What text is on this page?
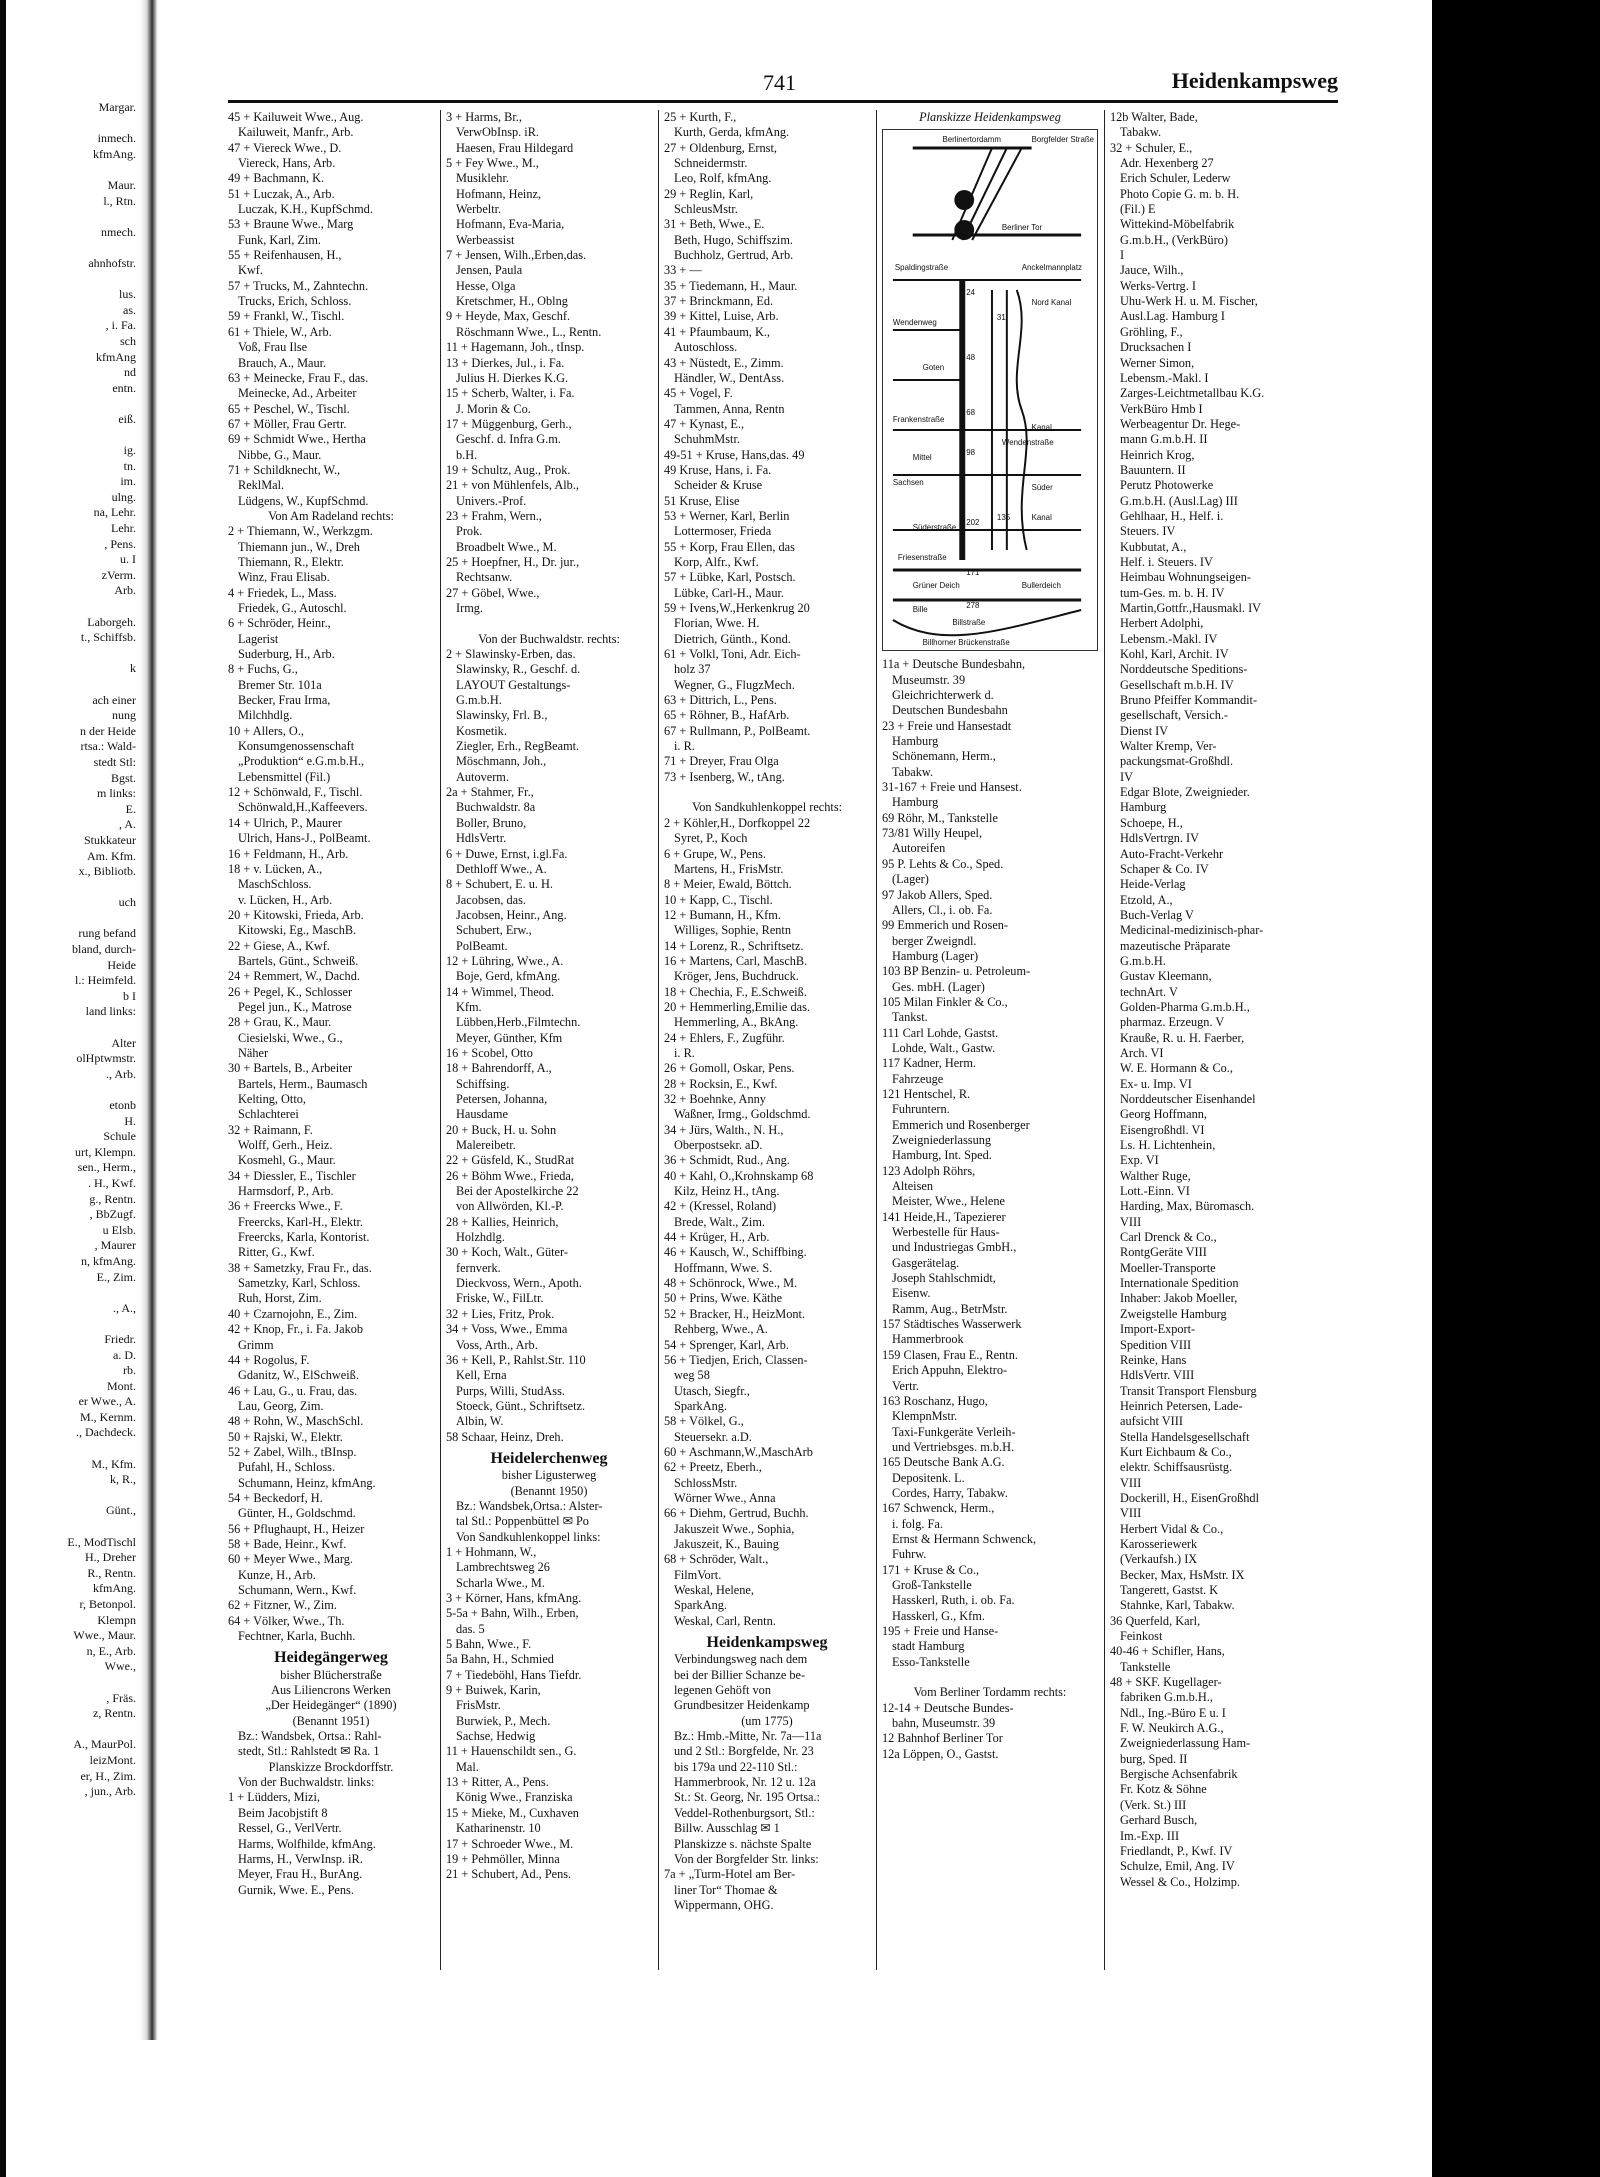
Margar.

inmech.
kfmAng.

Maur.
l., Rtn.

nmech.

ahnhofstr.

lus.
as.
, i. Fa.
sch
kfmAng
nd
entn.

eiß.

ig.
tn.
im.
ulng.
na, Lehr.
Lehr.
, Pens.
u. I
zVerm.
Arb.

Laborgeh.
t., Schiffsb.

k

ach einer
nung
n der Heide
rtsa.: Wald-
stedt Stl:
Bgst.
m links:
E.
, A.
Stukkateur
Am. Kfm.
x., Bibliotb.

uch

rung befand
bland, durch-
Heide
l.: Heimfeld.
b I
land links:

Alter
olHptwmstr.
., Arb.

etonb
H.
Schule
urt, Klempn.
sen., Herm.,
. H., Kwf.
g., Rentn.
, BbZugf.
u Elsb.
, Maurer
n, kfmAng.
E., Zim.

., A.,

Friedr.
a. D.
rb.
Mont.
er Wwe., A.
M., Kernm.
., Dachdeck.

M., Kfm.
k, R.,

Günt.,

E., ModTischl
H., Dreher
R., Rentn.
kfmAng.
r, Betonpol.
Klempn
Wwe., Maur.
n, E., Arb.
Wwe.,

, Fräs.
z, Rentn.

A., MaurPol.
leizMont.
er, H., Zim.
, jun., Arb.
741	Heidenkampsweg
45 + Kailuweit Wwe., Aug.
Kailuweit, Manfr., Arb.
47 + Viereck Wwe., D.
Viereck, Hans, Arb.
49 + Bachmann, K.
51 + Luczak, A., Arb.
Luczak, K.H., KupfSchmd.
53 + Braune Wwe., Marg
Funk, Karl, Zim.
55 + Reifenhausen, H.,
Kwf.
57 + Trucks, M., Zahntechn.
Trucks, Erich, Schloss.
59 + Frankl, W., Tischl.
61 + Thiele, W., Arb.
Voß, Frau Ilse
Brauch, A., Maur.
63 + Meinecke, Frau F., das.
Meinecke, Ad., Arbeiter
65 + Peschel, W., Tischl.
67 + Möller, Frau Gertr.
69 + Schmidt Wwe., Hertha
Nibbe, G., Maur.
71 + Schildknecht, W.,
ReklMal.
Lüdgens, W., KupfSchmd.
Von Am Radeland rechts:
2 + Thiemann, W., Werkzgm.
Thiemann jun., W., Dreh
Thiemann, R., Elektr.
Winz, Frau Elisab.
4 + Friedek, L., Mass.
Friedek, G., Autoschl.
6 + Schröder, Heinr.,
Lagerist
Suderburg, H., Arb.
8 + Fuchs, G.,
Bremer Str. 101a
Becker, Frau Irma,
Milchhdlg.
10 + Allers, O.,
Konsumgenossenschaft
„Produktion“ e.G.m.b.H.,
Lebensmittel (Fil.)
12 + Schönwald, F., Tischl.
Schönwald,H.,Kaffeevers.
14 + Ulrich, P., Maurer
Ulrich, Hans-J., PolBeamt.
16 + Feldmann, H., Arb.
18 + v. Lücken, A.,
MaschSchloss.
v. Lücken, H., Arb.
20 + Kitowski, Frieda, Arb.
Kitowski, Eg., MaschB.
22 + Giese, A., Kwf.
Bartels, Günt., Schweiß.
24 + Remmert, W., Dachd.
26 + Pegel, K., Schlosser
Pegel jun., K., Matrose
28 + Grau, K., Maur.
Ciesielski, Wwe., G.,
Näher
30 + Bartels, B., Arbeiter
Bartels, Herm., Baumasch
Kelting, Otto,
Schlachterei
32 + Raimann, F.
Wolff, Gerh., Heiz.
Kosmehl, G., Maur.
34 + Diessler, E., Tischler
Harmsdorf, P., Arb.
36 + Freercks Wwe., F.
Freercks, Karl-H., Elektr.
Freercks, Karla, Kontorist.
Ritter, G., Kwf.
38 + Sametzky, Frau Fr., das.
Sametzky, Karl, Schloss.
Ruh, Horst, Zim.
40 + Czarnojohn, E., Zim.
42 + Knop, Fr., i. Fa. Jakob
Grimm
44 + Rogolus, F.
Gdanitz, W., ElSchweiß.
46 + Lau, G., u. Frau, das.
Lau, Georg, Zim.
48 + Rohn, W., MaschSchl.
50 + Rajski, W., Elektr.
52 + Zabel, Wilh., tBInsp.
Pufahl, H., Schloss.
Schumann, Heinz, kfmAng.
54 + Beckedorf, H.
Günter, H., Goldschmd.
56 + Pflughaupt, H., Heizer
58 + Bade, Heinr., Kwf.
60 + Meyer Wwe., Marg.
Kunze, H., Arb.
Schumann, Wern., Kwf.
62 + Fitzner, W., Zim.
64 + Völker, Wwe., Th.
Fechtner, Karla, Buchh.
Heidegängerweg
bisher Blücherstraße
Aus Liliencrons Werken
„Der Heidegänger“ (1890)
(Benannt 1951)
Bz.: Wandsbek, Ortsa.: Rahl-
stedt, Stl.: Rahlstedt ✉ Ra. 1
Planskizze Brockdorffstr.
Von der Buchwaldstr. links:
1 + Lüdders, Mizi,
Beim Jacobjstift 8
Ressel, G., VerlVertr.
Harms, Wolfhilde, kfmAng.
Harms, H., VerwInsp. iR.
Meyer, Frau H., BurAng.
Gurnik, Wwe. E., Pens.
3 + Harms, Br.,
VerwObInsp. iR.
Haesen, Frau Hildegard
5 + Fey Wwe., M.,
Musiklehr.
Hofmann, Heinz,
Werbeltr.
Hofmann, Eva-Maria,
Werbeassist
7 + Jensen, Wilh.,Erben,das.
Jensen, Paula
Hesse, Olga
Kretschmer, H., Oblng
9 + Heyde, Max, Geschf.
Röschmann Wwe., L., Rentn.
11 + Hagemann, Joh., tInsp.
13 + Dierkes, Jul., i. Fa.
Julius H. Dierkes K.G.
15 + Scherb, Walter, i. Fa.
J. Morin & Co.
17 + Müggenburg, Gerh.,
Geschf. d. Infra G.m.
b.H.
19 + Schultz, Aug., Prok.
21 + von Mühlenfels, Alb.,
Univers.-Prof.
23 + Frahm, Wern.,
Prok.
Broadbelt Wwe., M.
25 + Hoepfner, H., Dr. jur.,
Rechtsanw.
27 + Göbel, Wwe.,
Irmg.

Von der Buchwaldstr. rechts:
2 + Slawinsky-Erben, das.
Slawinsky, R., Geschf. d.
LAYOUT Gestaltungs-
G.m.b.H.
Slawinsky, Frl. B.,
Kosmetik.
Ziegler, Erh., RegBeamt.
Möschmann, Joh.,
Autoverm.
2a + Stahmer, Fr.,
Buchwaldstr. 8a
Boller, Bruno,
HdlsVertr.
6 + Duwe, Ernst, i.gl.Fa.
Dethloff Wwe., A.
8 + Schubert, E. u. H.
Jacobsen, das.
Jacobsen, Heinr., Ang.
Schubert, Erw.,
PolBeamt.
12 + Lühring, Wwe., A.
Boje, Gerd, kfmAng.
14 + Wimmel, Theod.
Kfm.
Lübben,Herb.,Filmtechn.
Meyer, Günther, Kfm
16 + Scobel, Otto
18 + Bahrendorff, A.,
Schiffsing.
Petersen, Johanna,
Hausdame
20 + Buck, H. u. Sohn
Malereibetr.
22 + Güsfeld, K., StudRat
26 + Böhm Wwe., Frieda,
Bei der Apostelkirche 22
von Allwörden, Kl.-P.
28 + Kallies, Heinrich,
Holzhdlg.
30 + Koch, Walt., Güter-
fernverk.
Dieckvoss, Wern., Apoth.
Friske, W., FilLtr.
32 + Lies, Fritz, Prok.
34 + Voss, Wwe., Emma
Voss, Arth., Arb.
36 + Kell, P., Rahlst.Str. 110
Kell, Erna
Purps, Willi, StudAss.
Stoeck, Günt., Schriftsetz.
Albin, W.
58 Schaar, Heinz, Dreh.
Heidelerchenweg
bisher Ligusterweg
(Benannt 1950)
Bz.: Wandsbek,Ortsa.: Alster-
tal Stl.: Poppenbüttel ✉ Po
Von Sandkuhlenkoppel links:
1 + Hohmann, W.,
Lambrechtsweg 26
Scharla Wwe., M.
3 + Körner, Hans, kfmAng.
5-5a + Bahn, Wilh., Erben,
das. 5
5 Bahn, Wwe., F.
5a Bahn, H., Schmied
7 + Tiedeböhl, Hans Tiefdr.
9 + Buiwek, Karin,
FrisMstr.
Burwiek, P., Mech.
Sachse, Hedwig
11 + Hauenschildt sen., G.
Mal.
13 + Ritter, A., Pens.
König Wwe., Franziska
15 + Mieke, M., Cuxhaven
Katharinenstr. 10
17 + Schroeder Wwe., M.
19 + Pehmöller, Minna
21 + Schubert, Ad., Pens.
25 + Kurth, F.,
Kurth, Gerda, kfmAng.
27 + Oldenburg, Ernst,
Schneidermstr.
Leo, Rolf, kfmAng.
29 + Reglin, Karl,
SchleusMstr.
31 + Beth, Wwe., E.
Beth, Hugo, Schiffszim.
Buchholz, Gertrud, Arb.
33 + —
35 + Tiedemann, H., Maur.
37 + Brinckmann, Ed.
39 + Kittel, Luise, Arb.
41 + Pfaumbaum, K.,
Autoschloss.
43 + Nüstedt, E., Zimm.
Händler, W., DentAss.
45 + Vogel, F.
Tammen, Anna, Rentn
47 + Kynast, E.,
SchuhmMstr.
49-51 + Kruse, Hans,das. 49
49 Kruse, Hans, i. Fa.
Scheider & Kruse
51 Kruse, Elise
53 + Werner, Karl, Berlin
Lottermoser, Frieda
55 + Korp, Frau Ellen, das
Korp, Alfr., Kwf.
57 + Lübke, Karl, Postsch.
Lübke, Carl-H., Maur.
59 + Ivens,W.,Herkenkrug 20
Florian, Wwe. H.
Dietrich, Günth., Kond.
61 + Volkl, Toni, Adr. Eich-
holz 37
Wegner, G., FlugzMech.
63 + Dittrich, L., Pens.
65 + Röhner, B., HafArb.
67 + Rullmann, P., PolBeamt.
i. R.
71 + Dreyer, Frau Olga
73 + Isenberg, W., tAng.

Von Sandkuhlenkoppel rechts:
2 + Köhler,H., Dorfkoppel 22
Syret, P., Koch
6 + Grupe, W., Pens.
Martens, H., FrisMstr.
8 + Meier, Ewald, Böttch.
10 + Kapp, C., Tischl.
12 + Bumann, H., Kfm.
Williges, Sophie, Rentn
14 + Lorenz, R., Schriftsetz.
16 + Martens, Carl, MaschB.
Kröger, Jens, Buchdruck.
18 + Chechia, F., E.Schweiß.
20 + Hemmerling,Emilie das.
Hemmerling, A., BkAng.
24 + Ehlers, F., Zugführ.
i. R.
26 + Gomoll, Oskar, Pens.
28 + Rocksin, E., Kwf.
32 + Boehnke, Anny
Waßner, Irmg., Goldschmd.
34 + Jürs, Walth., N. H.,
Oberpostsekr. aD.
36 + Schmidt, Rud., Ang.
40 + Kahl, O.,Krohnskamp 68
Kilz, Heinz H., tAng.
42 + (Kressel, Roland)
Brede, Walt., Zim.
44 + Krüger, H., Arb.
46 + Kausch, W., Schiffbing.
Hoffmann, Wwe. S.
48 + Schönrock, Wwe., M.
50 + Prins, Wwe. Käthe
52 + Bracker, H., HeizMont.
Rehberg, Wwe., A.
54 + Sprenger, Karl, Arb.
56 + Tiedjen, Erich, Classen-
weg 58
Utasch, Siegfr.,
SparkAng.
58 + Völkel, G.,
Steuersekr. a.D.
60 + Aschmann,W.,MaschArb
62 + Preetz, Eberh.,
SchlossMstr.
Wörner Wwe., Anna
66 + Diehm, Gertrud, Buchh.
Jakuszeit Wwe., Sophia,
Jakuszeit, K., Bauing
68 + Schröder, Walt.,
FilmVort.
Weskal, Helene,
SparkAng.
Weskal, Carl, Rentn.
Heidenkampsweg
Verbindungsweg nach dem
bei der Billier Schanze be-
legenen Gehöft von
Grundbesitzer Heidenkamp
(um 1775)
Bz.: Hmb.-Mitte, Nr. 7a—11a
und 2 Stl.: Borgfelde, Nr. 23
bis 179a und 22-110 Stl.:
Hammerbrook, Nr. 12 u. 12a
St.: St. Georg, Nr. 195 Ortsa.:
Veddel-Rothenburgsort, Stl.:
Billw. Ausschlag ✉ 1
Planskizze s. nächste Spalte
Von der Borgfelder Str. links:
7a + „Turm-Hotel am Ber-
liner Tor“ Thomae &
Wippermann, OHG.
Planskizze Heidenkampsweg
Berlinertordamm	Borgfelder Straße
Berliner Tor
Spaldingstraße	Anckelmannplatz
Wendenweg
Goten
Frankenstraße
Mittel
Wendenstraße
Sachsen
Süderstraße
Friesenstraße
Grüner Deich	Bullerdeich
Bille
Billstraße
Billhorner Brückenstraße
Nord Kanal
Kanal
Süder
Kanal
24
48
68
98
202
171
278
31
135
11a + Deutsche Bundesbahn,
Museumstr. 39
Gleichrichterwerk d.
Deutschen Bundesbahn
23 + Freie und Hansestadt
Hamburg
Schönemann, Herm.,
Tabakw.
31-167 + Freie und Hansest.
Hamburg
69 Röhr, M., Tankstelle
73/81 Willy Heupel,
Autoreifen
95 P. Lehts & Co., Sped.
(Lager)
97 Jakob Allers, Sped.
Allers, Cl., i. ob. Fa.
99 Emmerich und Rosen-
berger Zweigndl.
Hamburg (Lager)
103 BP Benzin- u. Petroleum-
Ges. mbH. (Lager)
105 Milan Finkler & Co.,
Tankst.
111 Carl Lohde, Gastst.
Lohde, Walt., Gastw.
117 Kadner, Herm.
Fahrzeuge
121 Hentschel, R.
Fuhruntern.
Emmerich und Rosenberger
Zweigniederlassung
Hamburg, Int. Sped.
123 Adolph Röhrs,
Alteisen
Meister, Wwe., Helene
141 Heide,H., Tapezierer
Werbestelle für Haus-
und Industriegas GmbH.,
Gasgerätelag.
Joseph Stahlschmidt,
Eisenw.
Ramm, Aug., BetrMstr.
157 Städtisches Wasserwerk
Hammerbrook
159 Clasen, Frau E., Rentn.
Erich Appuhn, Elektro-
Vertr.
163 Roschanz, Hugo,
KlempnMstr.
Taxi-Funkgeräte Verleih-
und Vertriebsges. m.b.H.
165 Deutsche Bank A.G.
Depositenk. L.
Cordes, Harry, Tabakw.
167 Schwenck, Herm.,
i. folg. Fa.
Ernst & Hermann Schwenck,
Fuhrw.
171 + Kruse & Co.,
Groß-Tankstelle
Hasskerl, Ruth, i. ob. Fa.
Hasskerl, G., Kfm.
195 + Freie und Hanse-
stadt Hamburg
Esso-Tankstelle

Vom Berliner Tordamm rechts:
12-14 + Deutsche Bundes-
bahn, Museumstr. 39
12 Bahnhof Berliner Tor
12a Löppen, O., Gastst.
12b Walter, Bade,
Tabakw.
32 + Schuler, E.,
Adr. Hexenberg 27
Erich Schuler, Lederw
Photo Copie G. m. b. H.
(Fil.) E
Wittekind-Möbelfabrik
G.m.b.H., (VerkBüro)
I
Jauce, Wilh.,
Werks-Vertrg. I
Uhu-Werk H. u. M. Fischer,
Ausl.Lag. Hamburg I
Gröhling, F.,
Drucksachen I
Werner Simon,
Lebensm.-Makl. I
Zarges-Leichtmetallbau K.G.
VerkBüro Hmb I
Werbeagentur Dr. Hege-
mann G.m.b.H. II
Heinrich Krog,
Bauuntern. II
Perutz Photowerke
G.m.b.H. (Ausl.Lag) III
Gehlhaar, H., Helf. i.
Steuers. IV
Kubbutat, A.,
Helf. i. Steuers. IV
Heimbau Wohnungseigen-
tum-Ges. m. b. H. IV
Martin,Gottfr.,Hausmakl. IV
Herbert Adolphi,
Lebensm.-Makl. IV
Kohl, Karl, Archit. IV
Norddeutsche Speditions-
Gesellschaft m.b.H. IV
Bruno Pfeiffer Kommandit-
gesellschaft, Versich.-
Dienst IV
Walter Kremp, Ver-
packungsmat-Großhdl.
IV
Edgar Blote, Zweignieder.
Hamburg
Schoepe, H.,
HdlsVertrgn. IV
Auto-Fracht-Verkehr
Schaper & Co. IV
Heide-Verlag
Etzold, A.,
Buch-Verlag V
Medicinal-medizinisch-phar-
mazeutische Präparate
G.m.b.H.
Gustav Kleemann,
technArt. V
Golden-Pharma G.m.b.H.,
pharmaz. Erzeugn. V
Krauße, R. u. H. Faerber,
Arch. VI
W. E. Hormann & Co.,
Ex- u. Imp. VI
Norddeutscher Eisenhandel
Georg Hoffmann,
Eisengroßhdl. VI
Ls. H. Lichtenhein,
Exp. VI
Walther Ruge,
Lott.-Einn. VI
Harding, Max, Büromasch.
VIII
Carl Drenck & Co.,
RontgGeräte VIII
Moeller-Transporte
Internationale Spedition
Inhaber: Jakob Moeller,
Zweigstelle Hamburg
Import-Export-
Spedition VIII
Reinke, Hans
HdlsVertr. VIII
Transit Transport Flensburg
Heinrich Petersen, Lade-
aufsicht VIII
Stella Handelsgesellschaft
Kurt Eichbaum & Co.,
elektr. Schiffsausrüstg.
VIII
Dockerill, H., EisenGroßhdl
VIII
Herbert Vidal & Co.,
Karosseriewerk
(Verkaufsh.) IX
Becker, Max, HsMstr. IX
Tangerett, Gastst. K
Stahnke, Karl, Tabakw.
36 Querfeld, Karl,
Feinkost
40-46 + Schifler, Hans,
Tankstelle
48 + SKF. Kugellager-
fabriken G.m.b.H.,
Ndl., Ing.-Büro E u. I
F. W. Neukirch A.G.,
Zweigniederlassung Ham-
burg, Sped. II
Bergische Achsenfabrik
Fr. Kotz & Söhne
(Verk. St.) III
Gerhard Busch,
Im.-Exp. III
Friedlandt, P., Kwf. IV
Schulze, Emil, Ang. IV
Wessel & Co., Holzimp.
